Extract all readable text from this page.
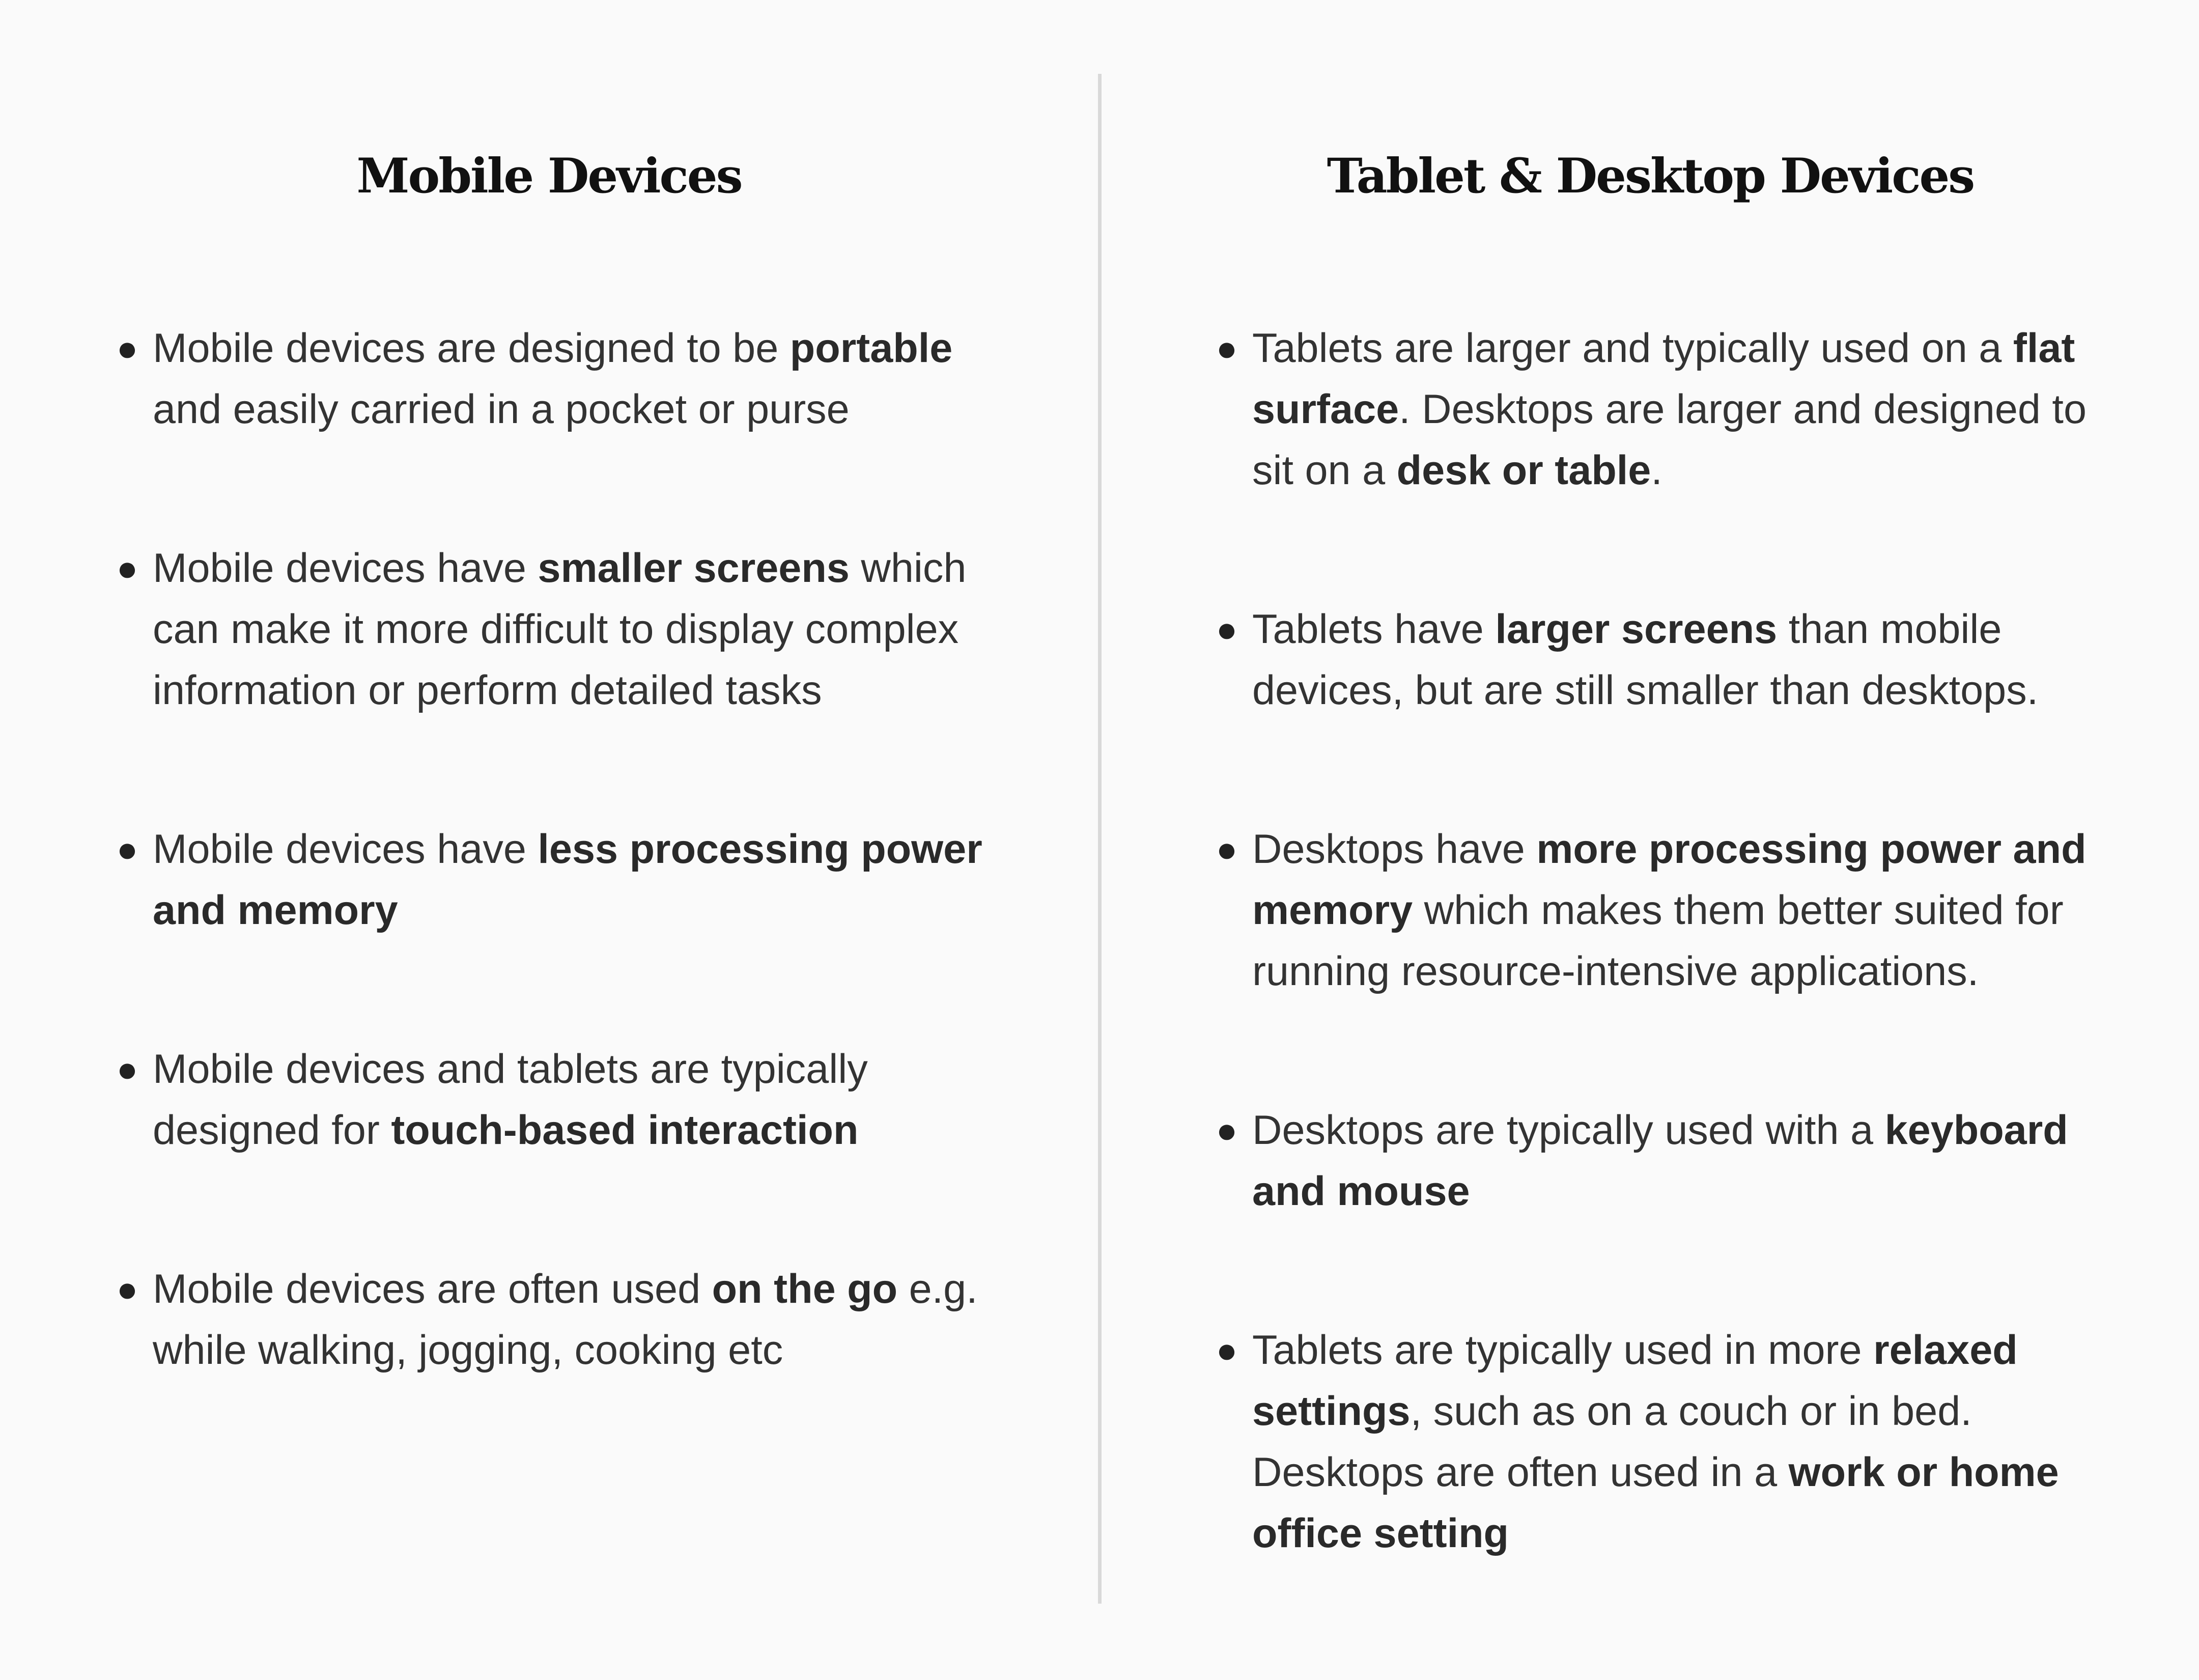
Mobile Devices	Tablet & Desktop Devices
● Mobile devices are designed to be portable and easily carried in a pocket or purse
● Mobile devices have smaller screens which can make it more difficult to display complex information or perform detailed tasks
● Mobile devices have less processing power and memory
● Mobile devices and tablets are typically designed for touch-based interaction
● Mobile devices are often used on the go e.g. while walking, jogging, cooking etc
● Tablets are larger and typically used on a flat surface. Desktops are larger and designed to sit on a desk or table.
● Tablets have larger screens than mobile devices, but are still smaller than desktops.
● Desktops have more processing power and memory which makes them better suited for running resource-intensive applications.
● Desktops are typically used with a keyboard and mouse
● Tablets are typically used in more relaxed settings, such as on a couch or in bed. Desktops are often used in a work or home office setting
